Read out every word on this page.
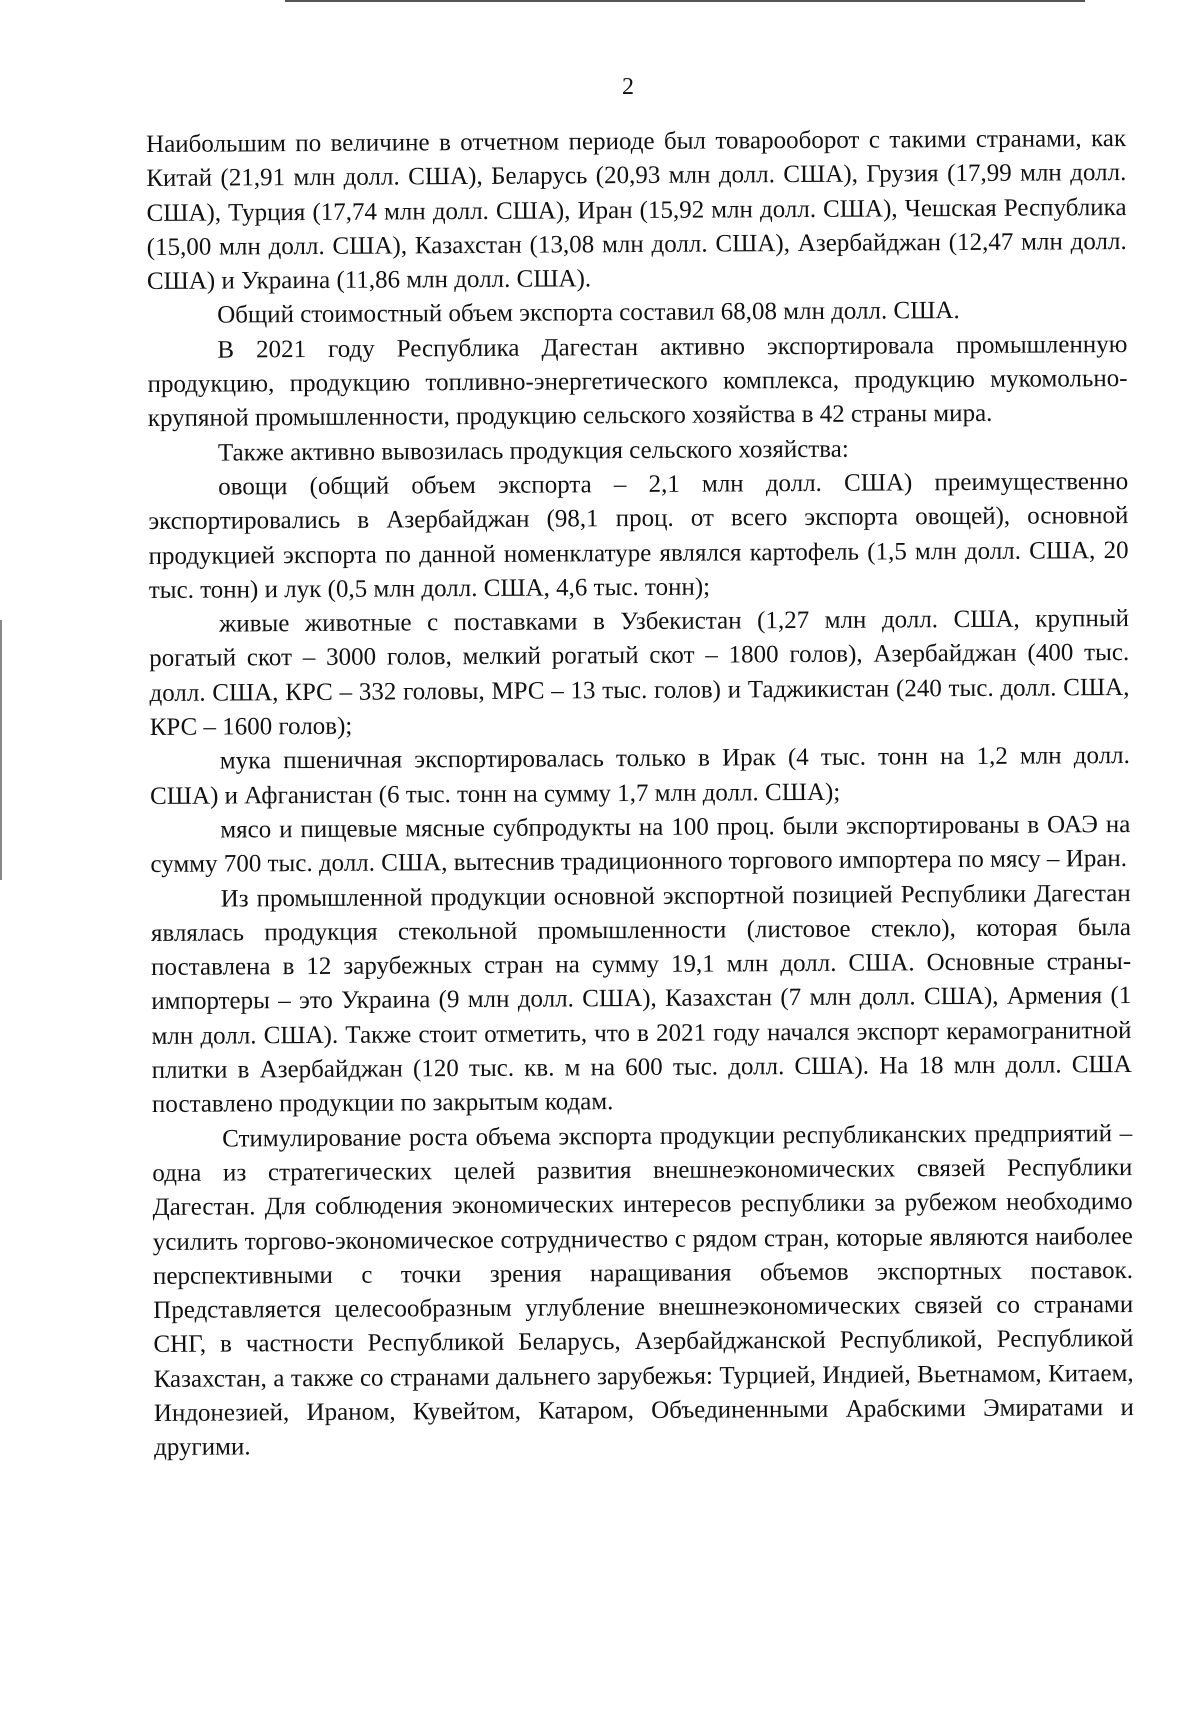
2

Наибольшим по величине в отчетном периоде был товарооборот с такими странами, как Китай (21,91 млн долл. США), Беларусь (20,93 млн долл. США), Грузия (17,99 млн долл. США), Турция (17,74 млн долл. США), Иран (15,92 млн долл. США), Чешская Республика (15,00 млн долл. США), Казахстан (13,08 млн долл. США), Азербайджан (12,47 млн долл. США) и Украина (11,86 млн долл. США).

Общий стоимостный объем экспорта составил 68,08 млн долл. США.

В 2021 году Республика Дагестан активно экспортировала промышленную продукцию, продукцию топливно-энергетического комплекса, продукцию мукомольно-крупяной промышленности, продукцию сельского хозяйства в 42 страны мира.

Также активно вывозилась продукция сельского хозяйства:

овощи (общий объем экспорта – 2,1 млн долл. США) преимущественно экспортировались в Азербайджан (98,1 проц. от всего экспорта овощей), основной продукцией экспорта по данной номенклатуре являлся картофель (1,5 млн долл. США, 20 тыс. тонн) и лук (0,5 млн долл. США, 4,6 тыс. тонн);

живые животные с поставками в Узбекистан (1,27 млн долл. США, крупный рогатый скот – 3000 голов, мелкий рогатый скот – 1800 голов), Азербайджан (400 тыс. долл. США, КРС – 332 головы, МРС – 13 тыс. голов) и Таджикистан (240 тыс. долл. США, КРС – 1600 голов);

мука пшеничная экспортировалась только в Ирак (4 тыс. тонн на 1,2 млн долл. США) и Афганистан (6 тыс. тонн на сумму 1,7 млн долл. США);

мясо и пищевые мясные субпродукты на 100 проц. были экспортированы в ОАЭ на сумму 700 тыс. долл. США, вытеснив традиционного торгового импортера по мясу – Иран.

Из промышленной продукции основной экспортной позицией Республики Дагестан являлась продукция стекольной промышленности (листовое стекло), которая была поставлена в 12 зарубежных стран на сумму 19,1 млн долл. США. Основные страны-импортеры – это Украина (9 млн долл. США), Казахстан (7 млн долл. США), Армения (1 млн долл. США). Также стоит отметить, что в 2021 году начался экспорт керамогранитной плитки в Азербайджан (120 тыс. кв. м на 600 тыс. долл. США). На 18 млн долл. США поставлено продукции по закрытым кодам.

Стимулирование роста объема экспорта продукции республиканских предприятий – одна из стратегических целей развития внешнеэкономических связей Республики Дагестан. Для соблюдения экономических интересов республики за рубежом необходимо усилить торгово-экономическое сотрудничество с рядом стран, которые являются наиболее перспективными с точки зрения наращивания объемов экспортных поставок. Представляется целесообразным углубление внешнеэкономических связей со странами СНГ, в частности Республикой Беларусь, Азербайджанской Республикой, Республикой Казахстан, а также со странами дальнего зарубежья: Турцией, Индией, Вьетнамом, Китаем, Индонезией, Ираном, Кувейтом, Катаром, Объединенными Арабскими Эмиратами и другими.
